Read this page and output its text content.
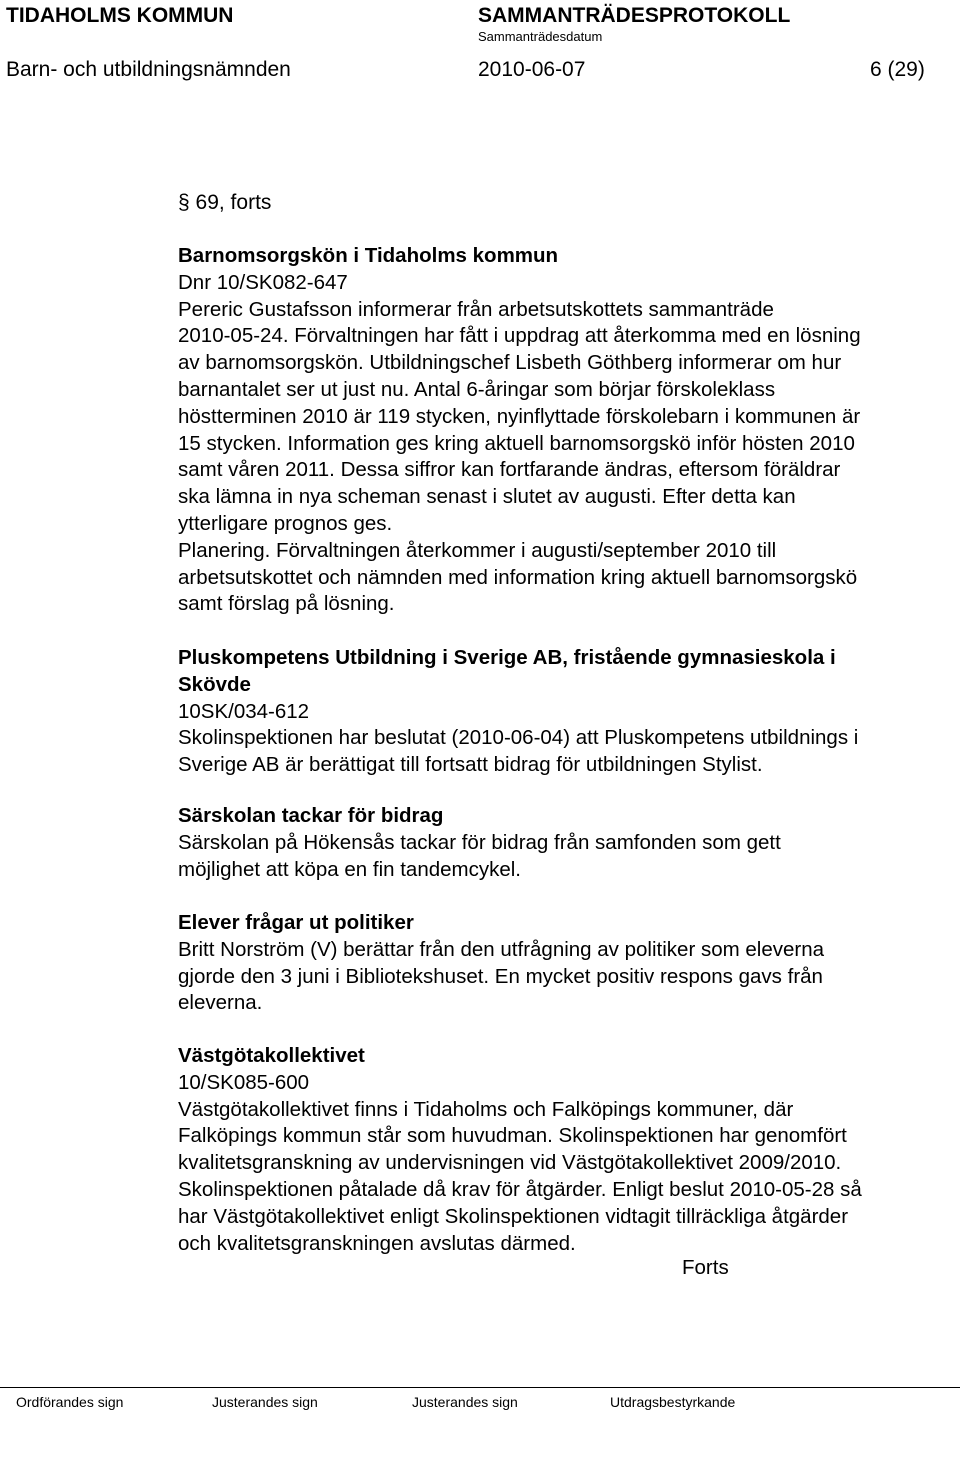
TIDAHOLMS KOMMUN	SAMMANTRÄDESPROTOKOLL
Sammanträdesdatum
Barn- och utbildningsnämnden	2010-06-07	6 (29)
§ 69, forts
Barnomsorgskön i Tidaholms kommun
Dnr 10/SK082-647
Pereric Gustafsson informerar från arbetsutskottets sammanträde
2010-05-24. Förvaltningen har fått i uppdrag att återkomma med en lösning
av barnomsorgskön. Utbildningschef Lisbeth Göthberg informerar om hur
barnantalet ser ut just nu. Antal 6-åringar som börjar förskoleklass
höstterminen 2010 är 119 stycken, nyinflyttade förskolebarn i kommunen är
15 stycken. Information ges kring aktuell barnomsorgskö inför hösten 2010
samt våren 2011. Dessa siffror kan fortfarande ändras, eftersom föräldrar
ska lämna in nya scheman senast i slutet av augusti. Efter detta kan
ytterligare prognos ges.
Planering. Förvaltningen återkommer i augusti/september 2010 till
arbetsutskottet och nämnden med information kring aktuell barnomsorgskö
samt förslag på lösning.
Pluskompetens Utbildning i Sverige AB, fristående gymnasieskola i
Skövde
10SK/034-612
Skolinspektionen har beslutat (2010-06-04) att Pluskompetens utbildnings i
Sverige AB är berättigat till fortsatt bidrag för utbildningen Stylist.
Särskolan tackar för bidrag
Särskolan på Hökensås tackar för bidrag från samfonden som gett
möjlighet att köpa en fin tandemcykel.
Elever frågar ut politiker
Britt Norström (V) berättar från den utfrågning av politiker som eleverna
gjorde den 3 juni i Bibliotekshuset. En mycket positiv respons gavs från
eleverna.
Västgötakollektivet
10/SK085-600
Västgötakollektivet finns i Tidaholms och Falköpings kommuner, där
Falköpings kommun står som huvudman. Skolinspektionen har genomfört
kvalitetsgranskning av undervisningen vid Västgötakollektivet 2009/2010.
Skolinspektionen påtalade då krav för åtgärder. Enligt beslut 2010-05-28 så
har Västgötakollektivet enligt Skolinspektionen vidtagit tillräckliga åtgärder
och kvalitetsgranskningen avslutas därmed.
Forts
Ordförandes sign	Justerandes sign	Justerandes sign	Utdragsbestyrkande
